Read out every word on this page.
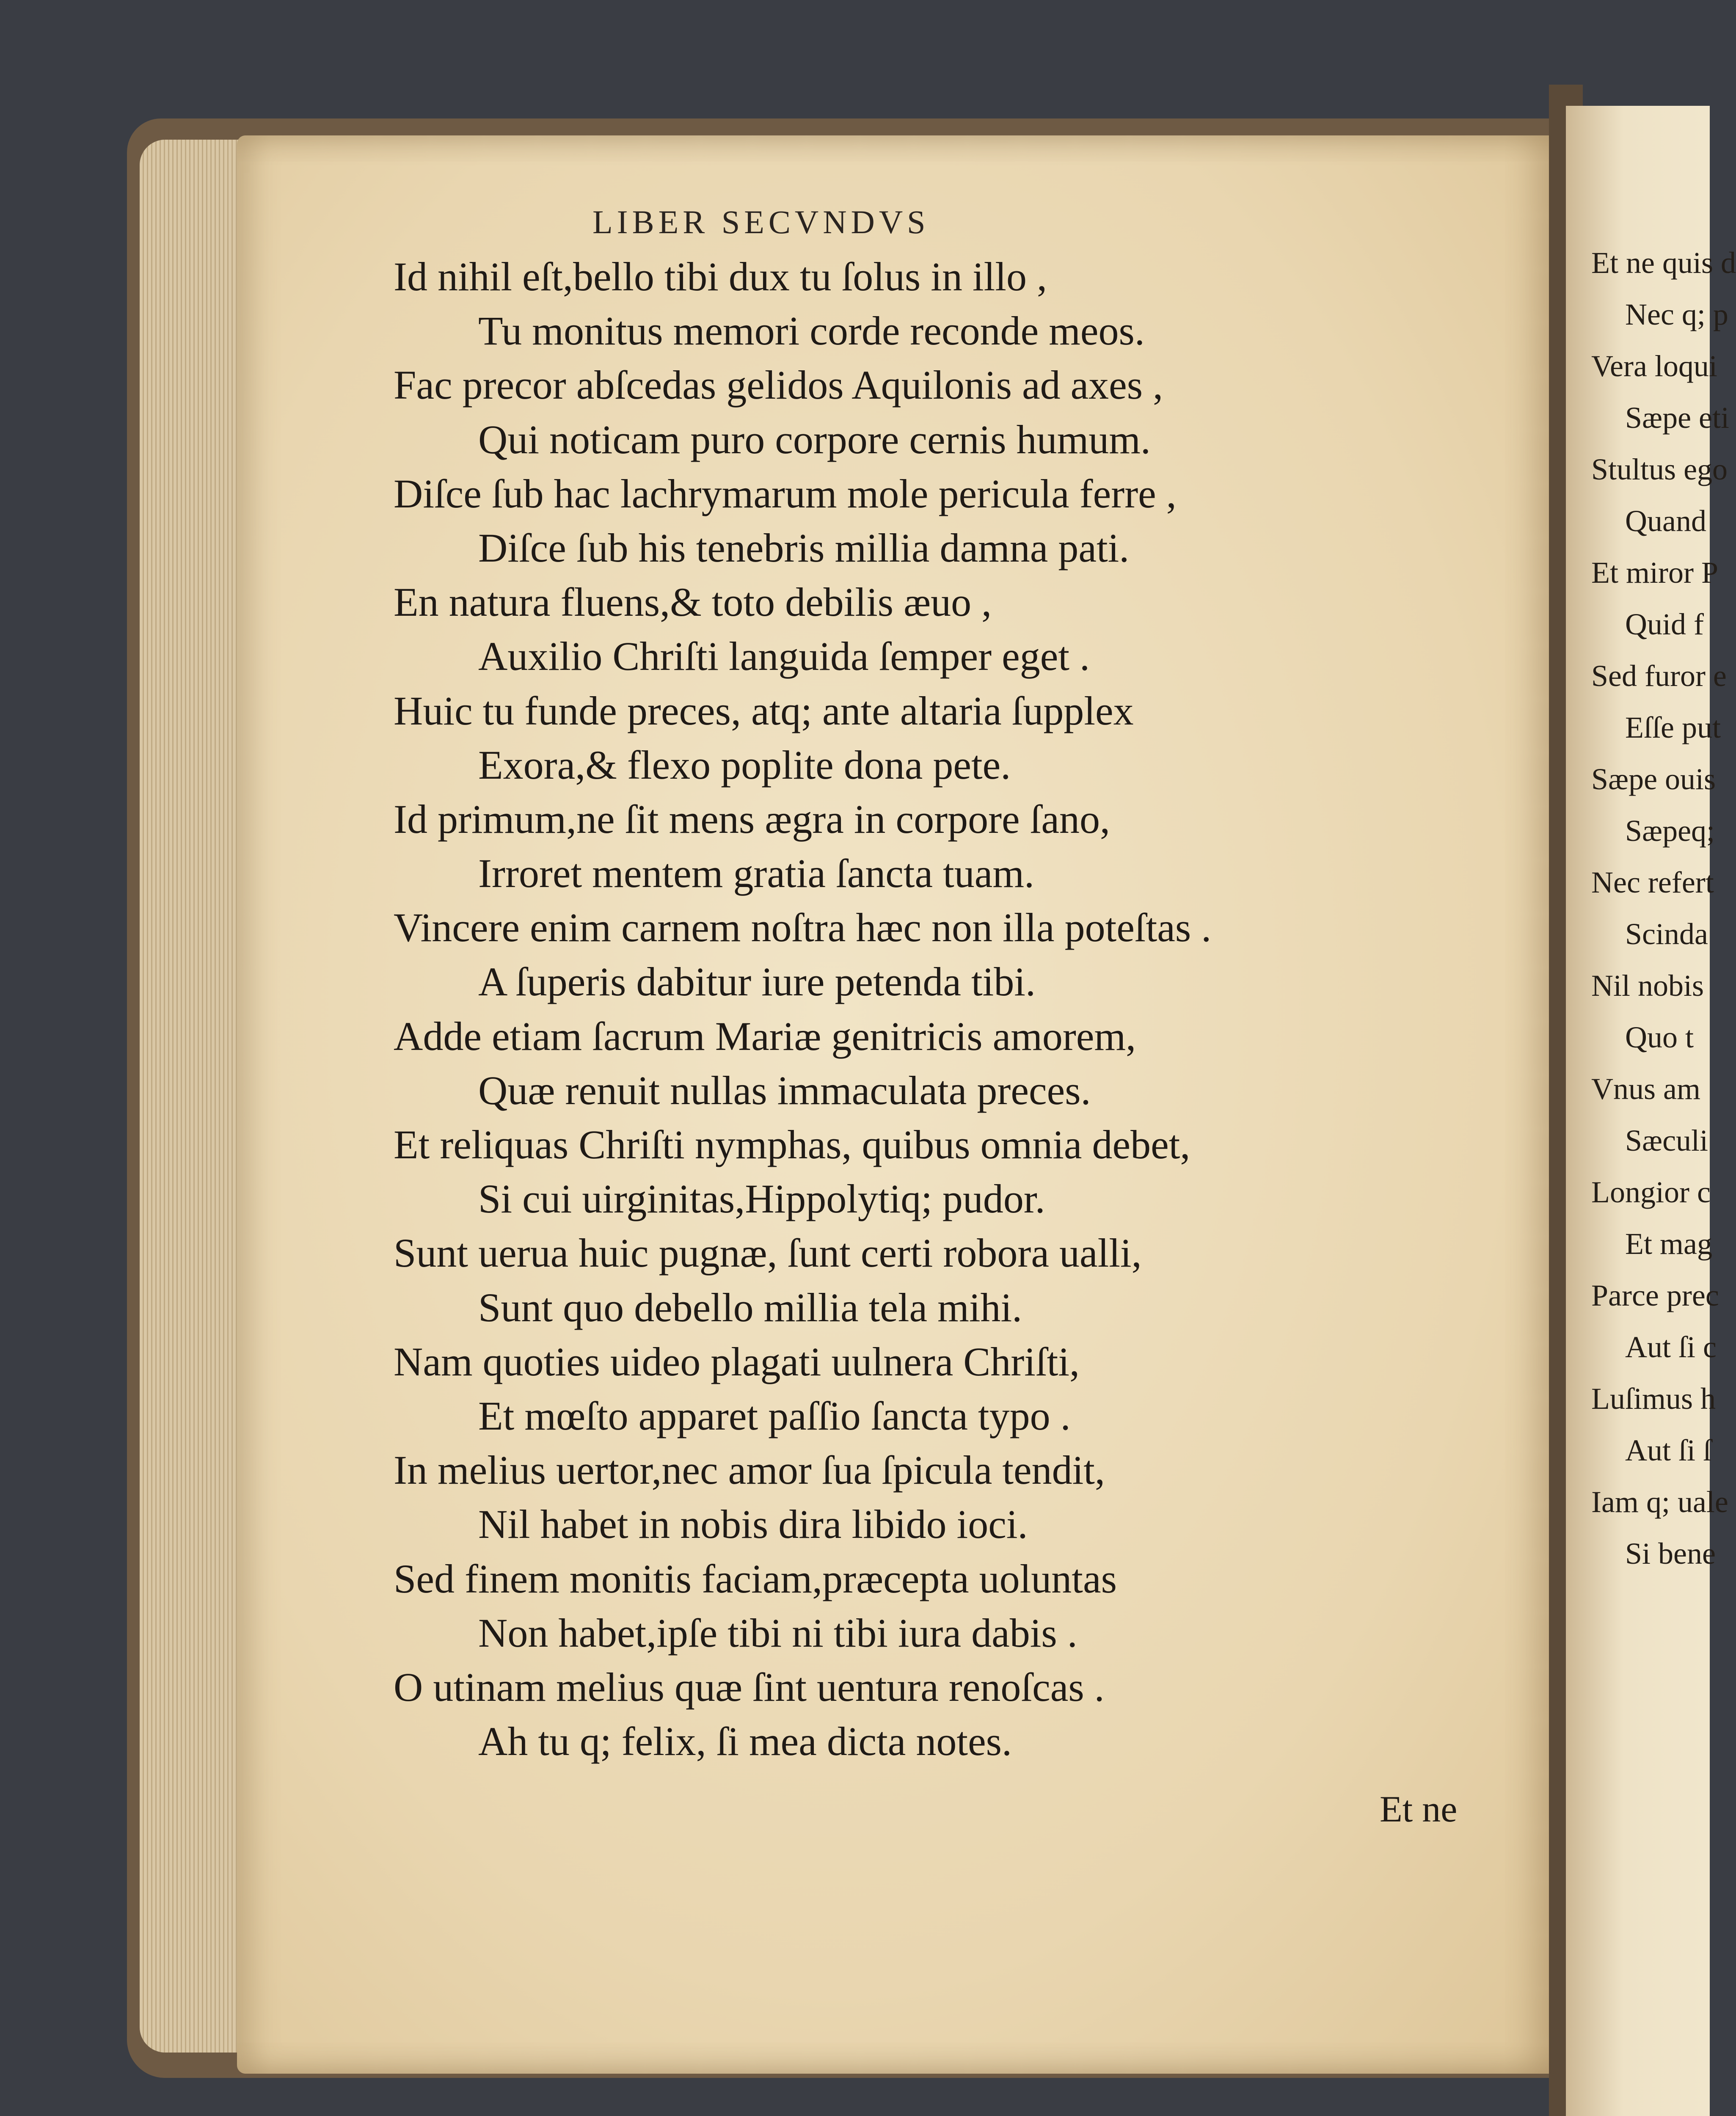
LIBER SECVNDVS
Id nihil eſt,bello tibi dux tu ſolus in illo ,
Tu monitus memori corde reconde meos.
Fac precor abſcedas gelidos Aquilonis ad axes ,
Qui noticam puro corpore cernis humum.
Diſce ſub hac lachrymarum mole pericula ferre ,
Diſce ſub his tenebris millia damna pati.
En natura fluens,& toto debilis æuo ,
Auxilio Chriſti languida ſemper eget .
Huic tu funde preces, atq; ante altaria ſupplex
Exora,& flexo poplite dona pete.
Id primum,ne ſit mens ægra in corpore ſano,
Irroret mentem gratia ſancta tuam.
Vincere enim carnem noſtra hæc non illa poteſtas .
A ſuperis dabitur iure petenda tibi.
Adde etiam ſacrum Mariæ genitricis amorem,
Quæ renuit nullas immaculata preces.
Et reliquas Chriſti nymphas, quibus omnia debet,
Si cui uirginitas,Hippolytiq; pudor.
Sunt uerua huic pugnæ, ſunt certi robora ualli,
Sunt quo debello millia tela mihi.
Nam quoties uideo plagati uulnera Chriſti,
Et mœſto apparet paſſio ſancta typo .
In melius uertor,nec amor ſua ſpicula tendit,
Nil habet in nobis dira libido ioci.
Sed finem monitis faciam,præcepta uoluntas
Non habet,ipſe tibi ni tibi iura dabis .
O utinam melius quæ ſint uentura renoſcas .
Ah tu q; felix, ſi mea dicta notes.
Et ne
Et ne quis d
Nec q; p
Vera loqui
Sæpe eti
Stultus ego
Quand
Et miror P
Quid f
Sed furor e
Eſſe put
Sæpe ouis
Sæpeq;
Nec refert
Scinda
Nil nobis
Quo t
Vnus am
Sæculi
Longior c
Et mag
Parce prec
Aut ſi c
Luſimus h
Aut ſi ſ
Iam q; uale
Si bene
